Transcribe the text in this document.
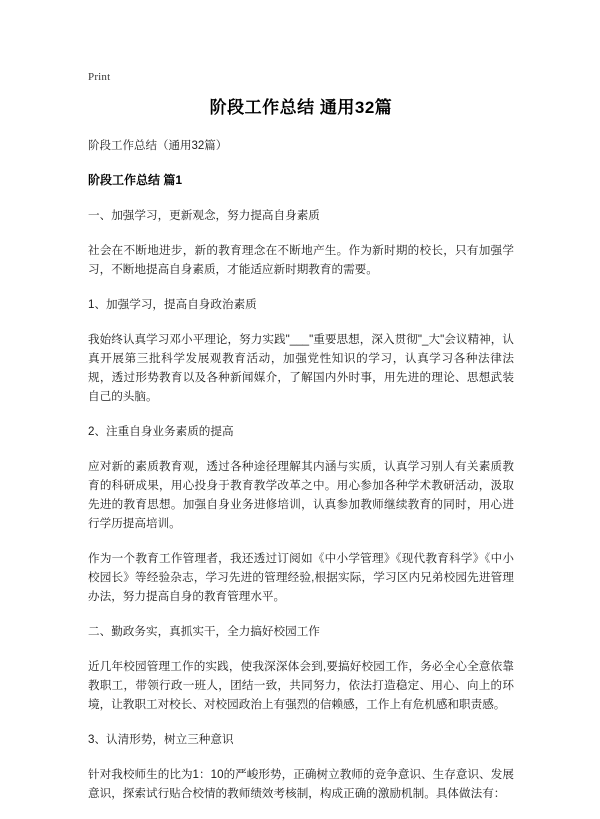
Print
阶段工作总结 通用32篇

阶段工作总结（通用32篇）

阶段工作总结 篇1

一、加强学习，更新观念，努力提高自身素质

社会在不断地进步，新的教育理念在不断地产生。作为新时期的校长，只有加强学习，不断地提高自身素质，才能适应新时期教育的需要。

1、加强学习，提高自身政治素质

我始终认真学习邓小平理论，努力实践"___"重要思想，深入贯彻"_大"会议精神，认真开展第三批科学发展观教育活动，加强党性知识的学习，认真学习各种法律法规，透过形势教育以及各种新闻媒介，了解国内外时事，用先进的理论、思想武装自己的头脑。

2、注重自身业务素质的提高

应对新的素质教育观，透过各种途径理解其内涵与实质，认真学习别人有关素质教育的科研成果，用心投身于教育教学改革之中。用心参加各种学术教研活动，汲取先进的教育思想。加强自身业务进修培训，认真参加教师继续教育的同时，用心进行学历提高培训。

作为一个教育工作管理者，我还透过订阅如《中小学管理》《现代教育科学》《中小校园长》等经验杂志，学习先进的管理经验,根据实际，学习区内兄弟校园先进管理办法，努力提高自身的教育管理水平。

二、勤政务实，真抓实干，全力搞好校园工作

近几年校园管理工作的实践，使我深深体会到,要搞好校园工作，务必全心全意依靠教职工，带领行政一班人，团结一致，共同努力，依法打造稳定、用心、向上的环境，让教职工对校长、对校园政治上有强烈的信赖感，工作上有危机感和职责感。

3、认清形势，树立三种意识

针对我校师生的比为1：10的严峻形势，正确树立教师的竞争意识、生存意识、发展意识，探索试行贴合校情的教师绩效考核制，构成正确的激励机制。具体做法有：
